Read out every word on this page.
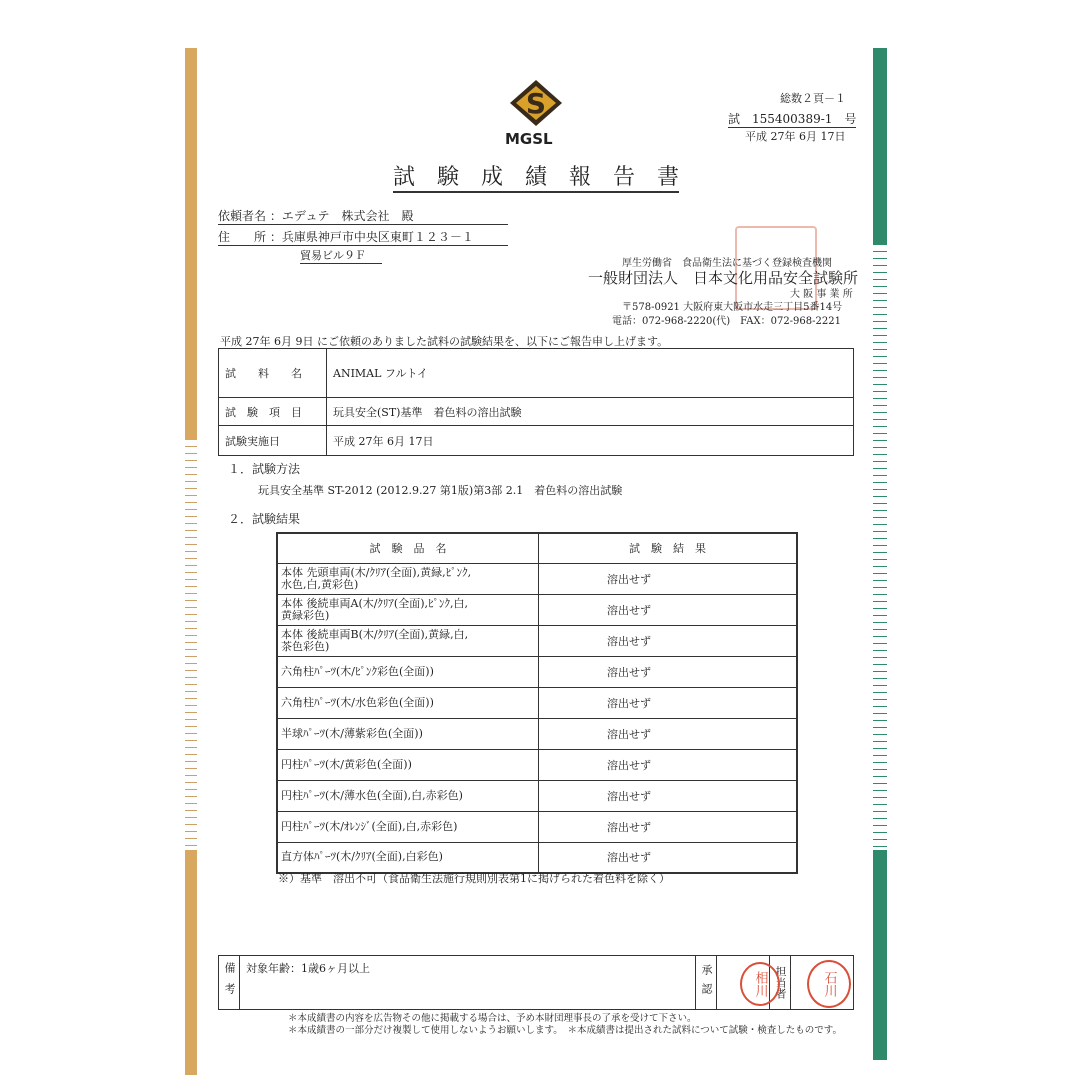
S
MGSL
総数２頁－１
試　155400389-1　号
平成 27年 6月 17日
試　験　成　績　報　告　書
依頼者名 ：エデュテ　株式会社　殿
住　　所 ：兵庫県神戸市中央区東町１２３－１
貿易ビル９Ｆ
厚生労働省　食品衛生法に基づく登録検査機関
一般財団法人　日本文化用品安全試験所
大 阪 事 業 所
〒578-0921 大阪府東大阪市水走三丁目5番14号
電話：072-968-2220(代)　FAX：072-968-2221
平成 27年 6月 9日 にご依頼のありました試料の試験結果を、以下にご報告申し上げます。
試　　料　　名	ANIMAL フルトイ
試　験　項　目	玩具安全(ST)基準　着色料の溶出試験
試験実施日	平成 27年 6月 17日
１．試験方法
玩具安全基準 ST-2012 (2012.9.27 第1版)第3部 2.1　着色料の溶出試験
２．試験結果
試　験　品　名	試　験　結　果
本体 先頭車両(木/ｸﾘｱ(全面),黄緑,ﾋﾟﾝｸ,
水色,白,黄彩色)	溶出せず
本体 後続車両A(木/ｸﾘｱ(全面),ﾋﾟﾝｸ,白,
黄緑彩色)	溶出せず
本体 後続車両B(木/ｸﾘｱ(全面),黄緑,白,
茶色彩色)	溶出せず
六角柱ﾊﾟｰﾂ(木/ﾋﾟﾝｸ彩色(全面))	溶出せず
六角柱ﾊﾟｰﾂ(木/水色彩色(全面))	溶出せず
半球ﾊﾟｰﾂ(木/薄紫彩色(全面))	溶出せず
円柱ﾊﾟｰﾂ(木/黄彩色(全面))	溶出せず
円柱ﾊﾟｰﾂ(木/薄水色(全面),白,赤彩色)	溶出せず
円柱ﾊﾟｰﾂ(木/ｵﾚﾝｼﾞ(全面),白,赤彩色)	溶出せず
直方体ﾊﾟｰﾂ(木/ｸﾘｱ(全面),白彩色)	溶出せず
※）基準　溶出不可（食品衛生法施行規則別表第1に掲げられた着色料を除く）
備考	対象年齢：1歳6ヶ月以上	承認		担当者	
相川	石川
＊本成績書の内容を広告物その他に掲載する場合は、予め本財団理事長の了承を受けて下さい。
＊本成績書の一部分だけ複製して使用しないようお願いします。　＊本成績書は提出された試料について試験・検査したものです。
